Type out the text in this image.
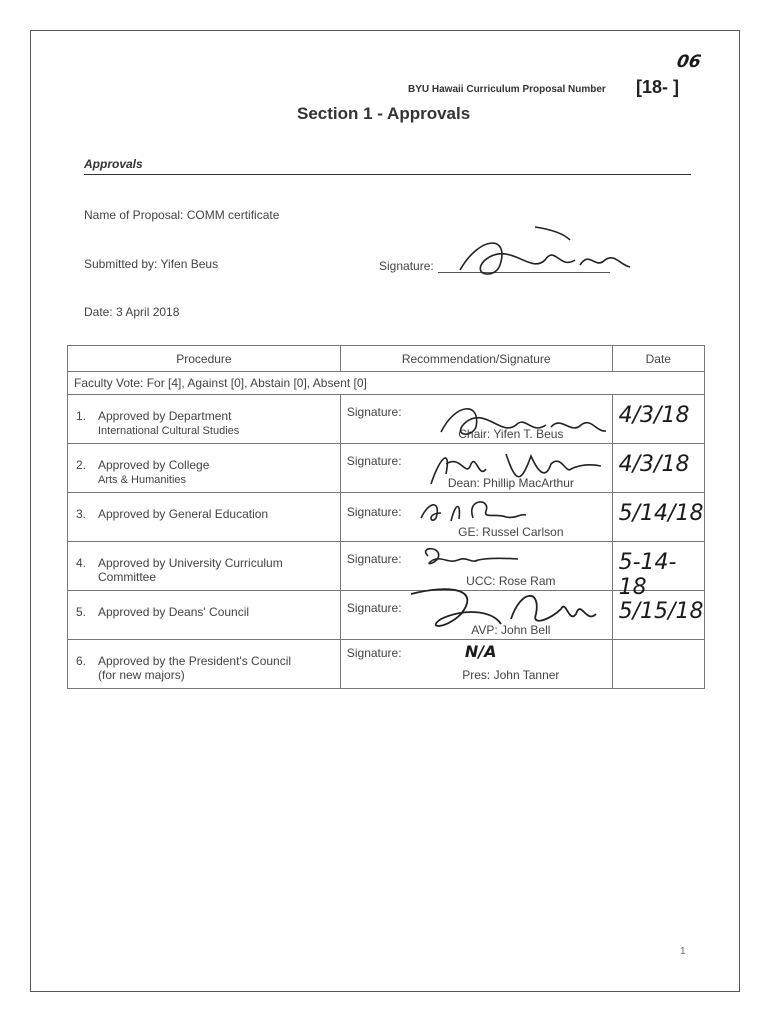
06
BYU Hawaii Curriculum Proposal Number [18- ]
Section 1 - Approvals
Approvals
Name of Proposal: COMM certificate
Submitted by: Yifen Beus	Signature:
Date: 3 April 2018
Procedure	Recommendation/Signature	Date
Faculty Vote: For [4], Against [0], Abstain [0], Absent [0]		

1. Approved by Department
International Cultural Studies	Signature:
Chair: Yifen T. Beus	4/3/18

2. Approved by College
Arts & Humanities	Signature:
Dean: Phillip MacArthur	4/3/18

3. Approved by General Education	Signature:
GE: Russel Carlson	5/14/18

4. Approved by University Curriculum
Committee	Signature:
UCC: Rose Ram	5-14-18

5. Approved by Deans' Council	Signature:
AVP: John Bell	5/15/18

6. Approved by the President's Council
(for new majors)	Signature: N/A
Pres: John Tanner	

1
